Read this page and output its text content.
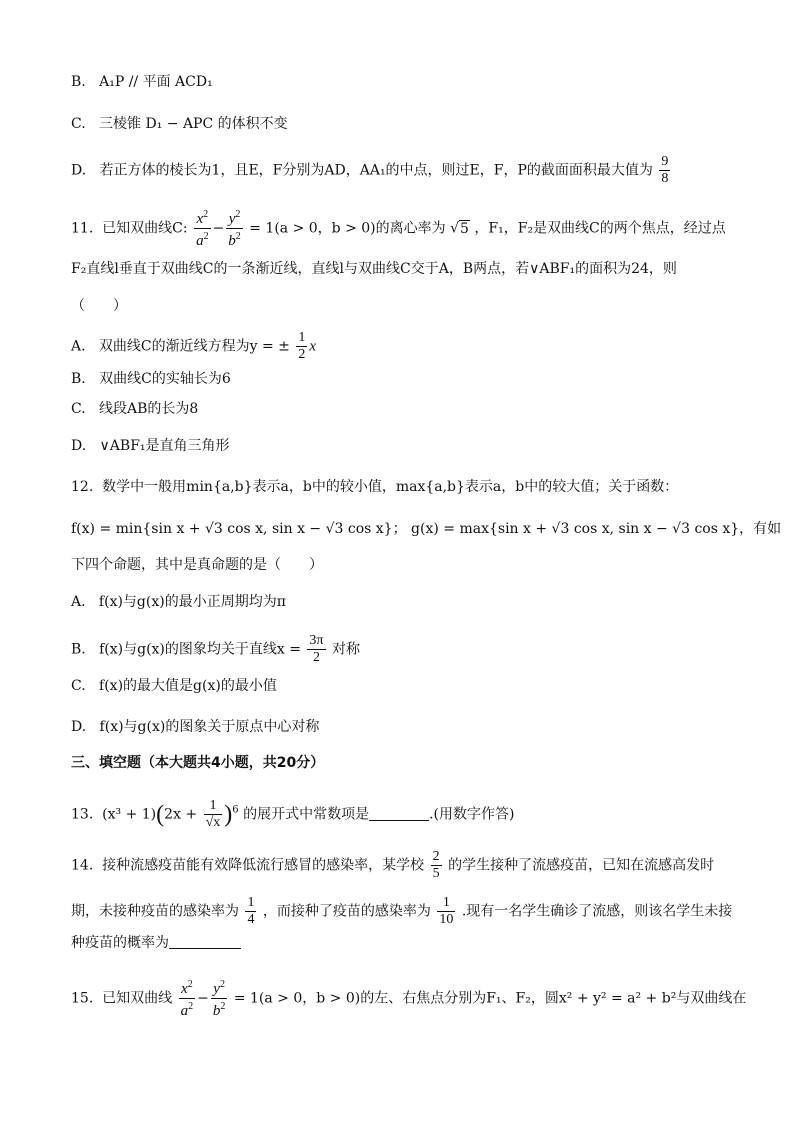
B. A₁P // 平面 ACD₁
C. 三棱锥 D₁ − APC 的体积不变
D. 若正方体的棱长为1，且E，F分别为AD，AA₁的中点，则过E，F，P的截面面积最大值为 $\frac{9}{8}$
11. 已知双曲线C: $\frac{x^2}{a^2} - \frac{y^2}{b^2} = 1(a > 0$，b > 0)的离心率为 √5 ，F₁，F₂是双曲线C的两个焦点，经过点
F₂直线l垂直于双曲线C的一条渐近线，直线l与双曲线C交于A，B两点，若∨ABF₁的面积为24，则
（　　）
A. 双曲线C的渐近线方程为y = ± $\frac{1}{2}$ x
B. 双曲线C的实轴长为6
C. 线段AB的长为8
D. ∨ABF₁是直角三角形
12. 数学中一般用min{a,b}表示a，b中的较小值，max{a,b}表示a，b中的较大值；关于函数：
f(x) = min{sin x + √3 cos x, sin x − √3 cos x}； g(x) = max{sin x + √3 cos x, sin x − √3 cos x}，有如
下四个命题，其中是真命题的是（　　）
A. f(x)与g(x)的最小正周期均为π
B. f(x)与g(x)的图象均关于直线$x = \frac{3\pi}{2}$ 对称
C. f(x)的最大值是g(x)的最小值
D. f(x)与g(x)的图象关于原点中心对称
三、填空题（本大题共4小题，共20分）
13. $(x^3 + 1)(2x + \frac{1}{√x} )^6$ 的展开式中常数项是	.(用数字作答)
14. 接种流感疫苗能有效降低流行感冒的感染率，某学校 $\frac{2}{5}$ 的学生接种了流感疫苗，已知在流感高发时
期，未接种疫苗的感染率为 $\frac{1}{4}$ ，而接种了疫苗的感染率为 $\frac{1}{10}$ .现有一名学生确诊了流感，则该名学生未接
种疫苗的概率为
15. 已知双曲线 $\frac{x^2}{a^2} - \frac{y^2}{b^2} = 1(a > 0$，b > 0)的左、右焦点分别为F₁、F₂，圆x² + y² = a² + b²与双曲线在
